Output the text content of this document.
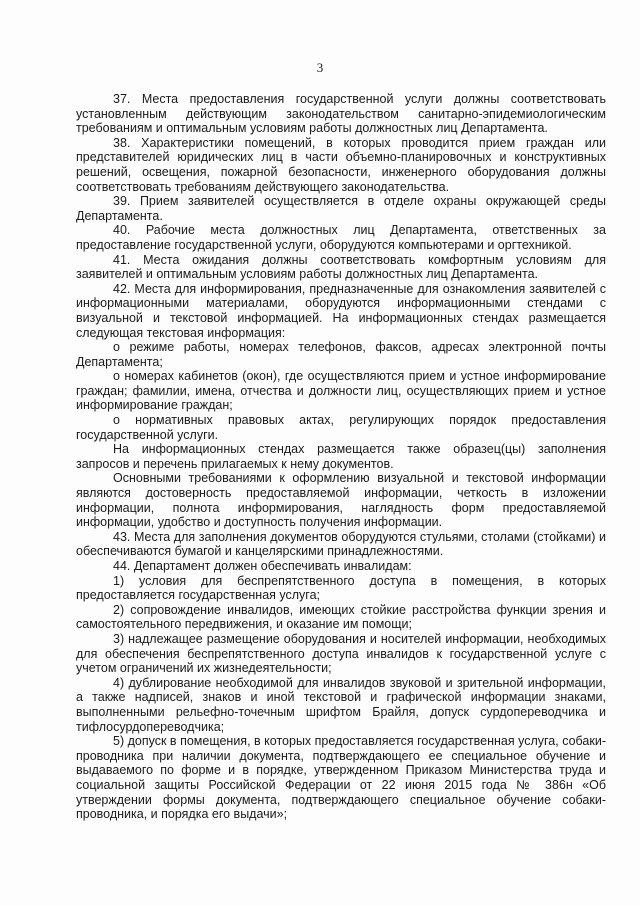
3

37. Места предоставления государственной услуги должны соответствовать установленным действующим законодательством санитарно-эпидемиологическим требованиям и оптимальным условиям работы должностных лиц Департамента.

38. Характеристики помещений, в которых проводится прием граждан или представителей юридических лиц в части объемно-планировочных и конструктивных решений, освещения, пожарной безопасности, инженерного оборудования должны соответствовать требованиям действующего законодательства.

39. Прием заявителей осуществляется в отделе охраны окружающей среды Департамента.

40. Рабочие места должностных лиц Департамента, ответственных за предоставление государственной услуги, оборудуются компьютерами и оргтехникой.

41. Места ожидания должны соответствовать комфортным условиям для заявителей и оптимальным условиям работы должностных лиц Департамента.

42. Места для информирования, предназначенные для ознакомления заявителей с информационными материалами, оборудуются информационными стендами с визуальной и текстовой информацией. На информационных стендах размещается следующая текстовая информация:

о режиме работы, номерах телефонов, факсов, адресах электронной почты Департамента;

о номерах кабинетов (окон), где осуществляются прием и устное информирование граждан; фамилии, имена, отчества и должности лиц, осуществляющих прием и устное информирование граждан;

о нормативных правовых актах, регулирующих порядок предоставления государственной услуги.

На информационных стендах размещается также образец(цы) заполнения запросов и перечень прилагаемых к нему документов.

Основными требованиями к оформлению визуальной и текстовой информации являются достоверность предоставляемой информации, четкость в изложении информации, полнота информирования, наглядность форм предоставляемой информации, удобство и доступность получения информации.

43. Места для заполнения документов оборудуются стульями, столами (стойками) и обеспечиваются бумагой и канцелярскими принадлежностями.

44. Департамент должен обеспечивать инвалидам:

1) условия для беспрепятственного доступа в помещения, в которых предоставляется государственная услуга;

2) сопровождение инвалидов, имеющих стойкие расстройства функции зрения и самостоятельного передвижения, и оказание им помощи;

3) надлежащее размещение оборудования и носителей информации, необходимых для обеспечения беспрепятственного доступа инвалидов к государственной услуге с учетом ограничений их жизнедеятельности;

4) дублирование необходимой для инвалидов звуковой и зрительной информации, а также надписей, знаков и иной текстовой и графической информации знаками, выполненными рельефно-точечным шрифтом Брайля, допуск сурдопереводчика и тифлосурдопереводчика;

5) допуск в помещения, в которых предоставляется государственная услуга, собаки-проводника при наличии документа, подтверждающего ее специальное обучение и выдаваемого по форме и в порядке, утвержденном Приказом Министерства труда и социальной защиты Российской Федерации от 22 июня 2015 года № 386н «Об утверждении формы документа, подтверждающего специальное обучение собаки-проводника, и порядка его выдачи»;
